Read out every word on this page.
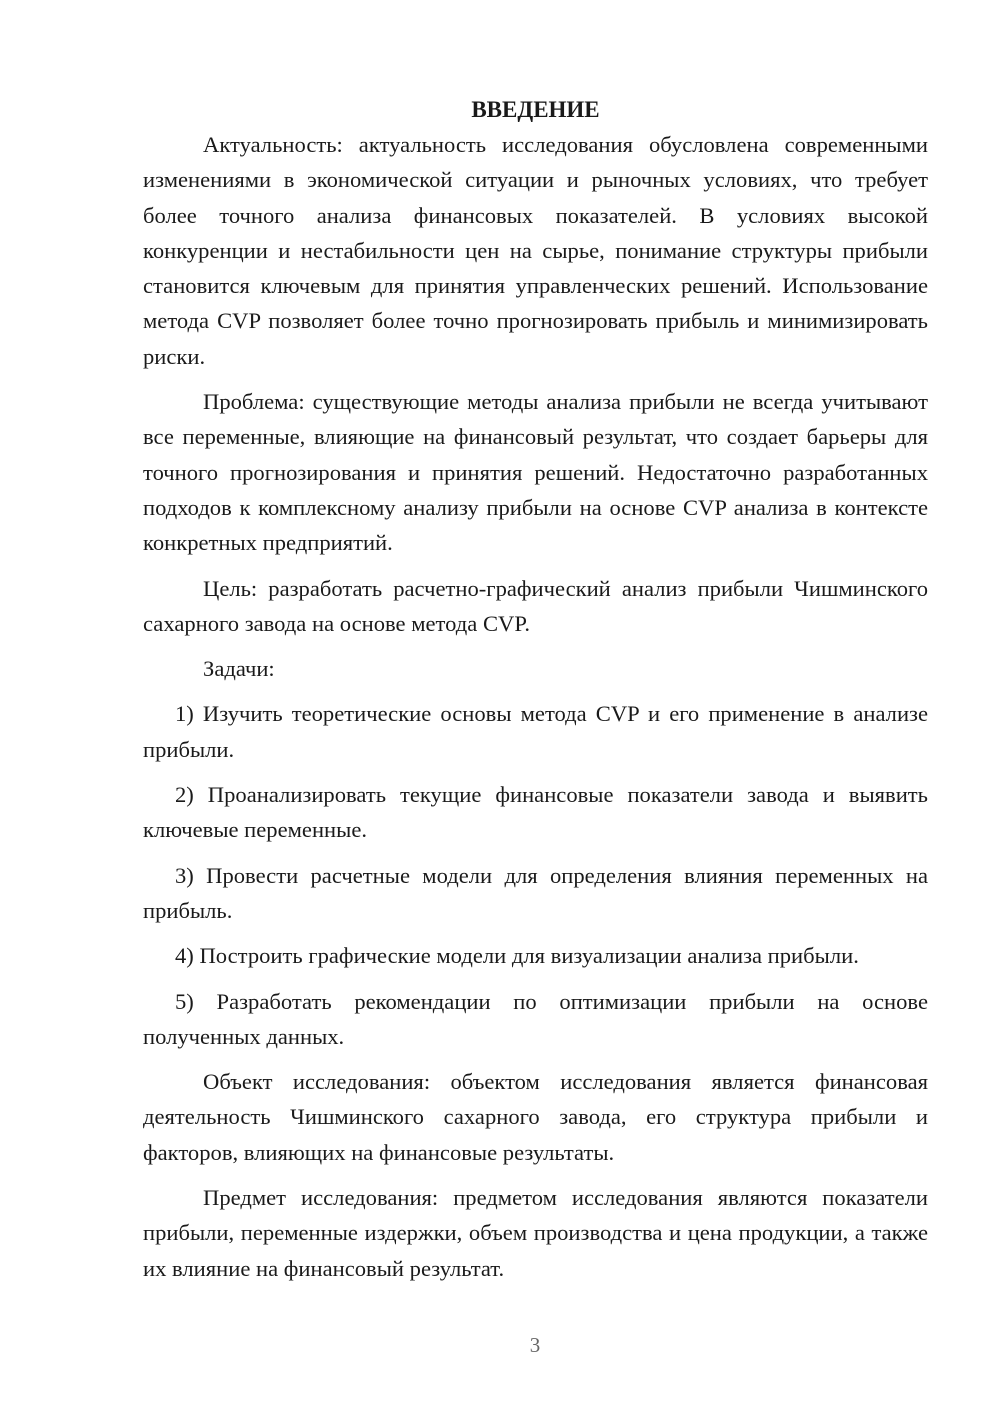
ВВЕДЕНИЕ

Актуальность: актуальность исследования обусловлена современными изменениями в экономической ситуации и рыночных условиях, что требует более точного анализа финансовых показателей. В условиях высокой конкуренции и нестабильности цен на сырье, понимание структуры прибыли становится ключевым для принятия управленческих решений. Использование метода CVP позволяет более точно прогнозировать прибыль и минимизировать риски.

Проблема: существующие методы анализа прибыли не всегда учитывают все переменные, влияющие на финансовый результат, что создает барьеры для точного прогнозирования и принятия решений. Недостаточно разработанных подходов к комплексному анализу прибыли на основе CVP анализа в контексте конкретных предприятий.

Цель: разработать расчетно-графический анализ прибыли Чишминского сахарного завода на основе метода CVP.

Задачи:

1) Изучить теоретические основы метода CVP и его применение в анализе прибыли.

2) Проанализировать текущие финансовые показатели завода и выявить ключевые переменные.

3) Провести расчетные модели для определения влияния переменных на прибыль.

4) Построить графические модели для визуализации анализа прибыли.

5) Разработать рекомендации по оптимизации прибыли на основе полученных данных.

Объект исследования: объектом исследования является финансовая деятельность Чишминского сахарного завода, его структура прибыли и факторов, влияющих на финансовые результаты.

Предмет исследования: предметом исследования являются показатели прибыли, переменные издержки, объем производства и цена продукции, а также их влияние на финансовый результат.

3
